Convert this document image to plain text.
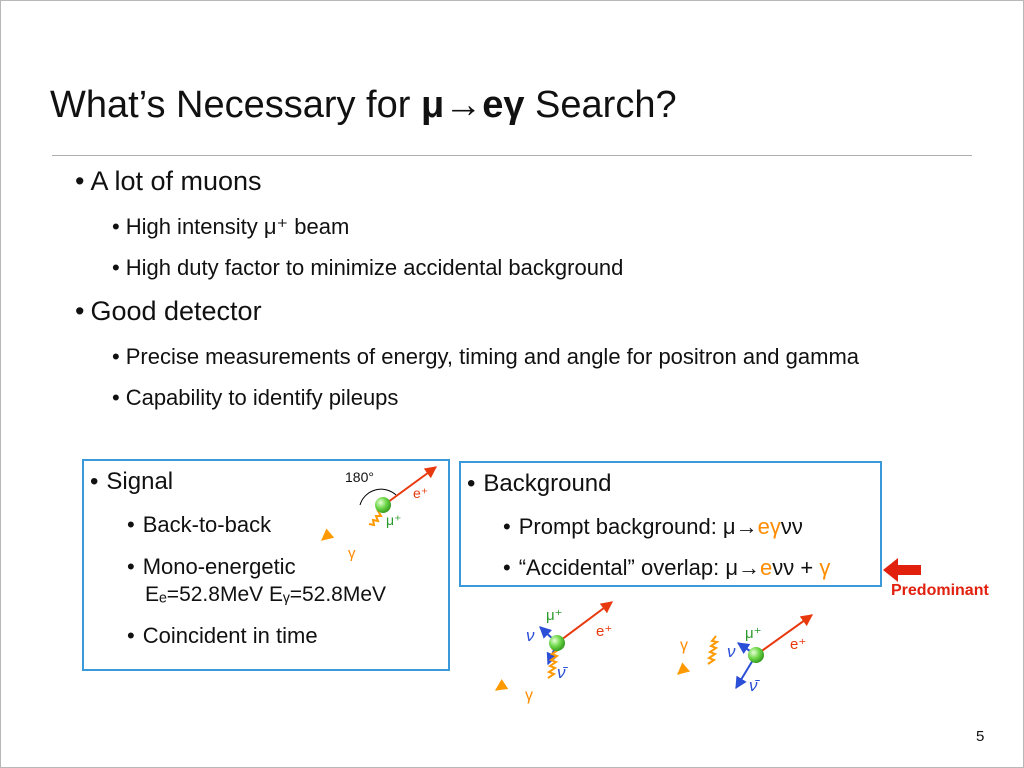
What’s Necessary for μ→eγ Search?
• A lot of muons
• High intensity μ⁺ beam
• High duty factor to minimize accidental background
• Good detector
• Precise measurements of energy, timing and angle for positron and gamma
• Capability to identify pileups
• Signal
• Back-to-back
• Mono-energetic
Eₑ=52.8MeV Eᵧ=52.8MeV
• Coincident in time
• Background
• Prompt background: μ→eγνν
• “Accidental” overlap: μ→eνν + γ
Predominant
5
180°
e⁺
μ⁺
γ
μ⁺
e⁺
ν
ν̄
γ
μ⁺
e⁺
ν
ν̄
γ
